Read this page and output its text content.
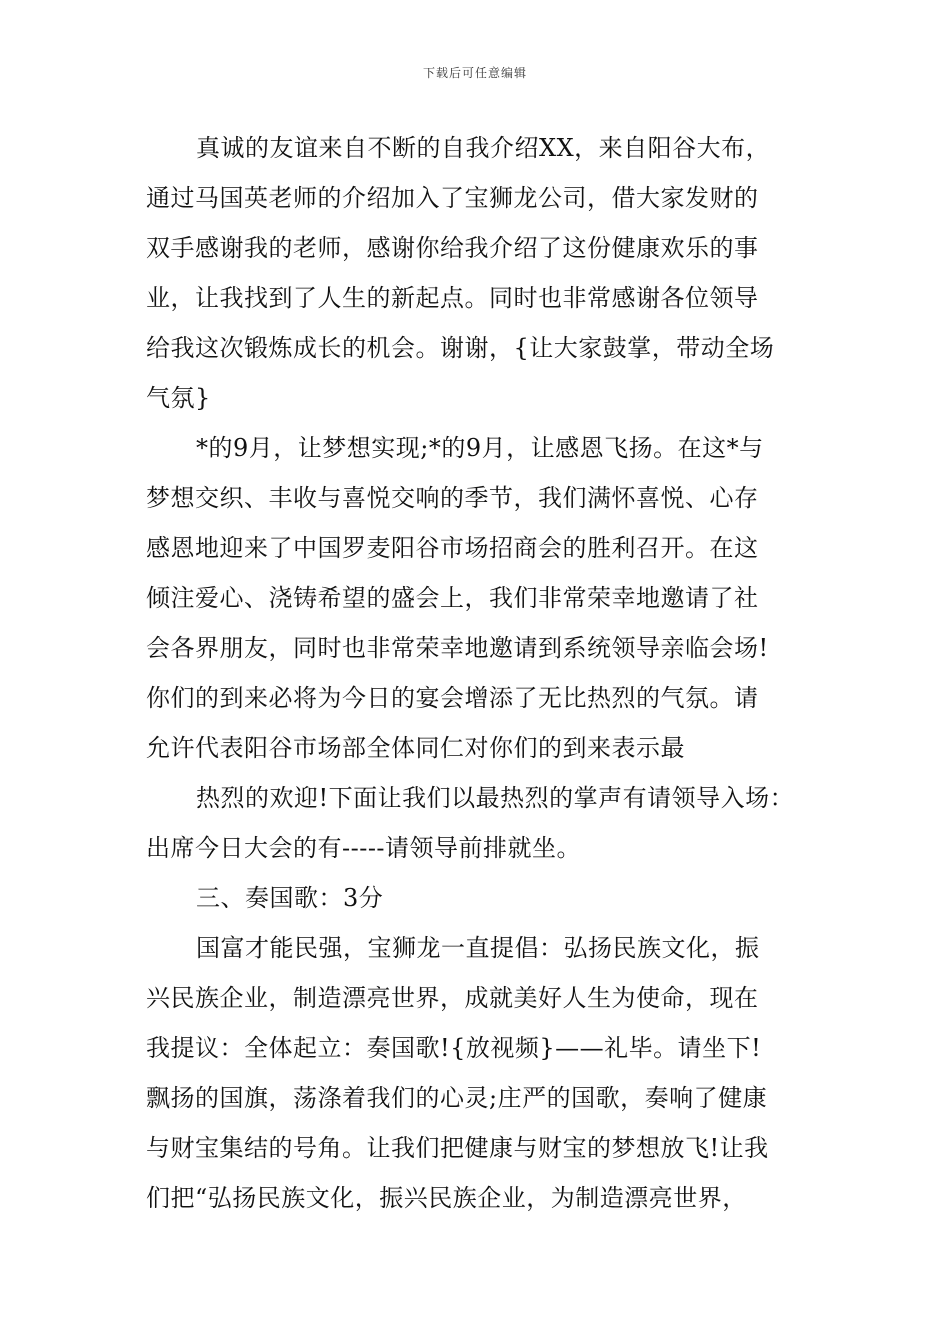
下载后可任意编辑
真诚的友谊来自不断的自我介绍XX，来自阳谷大布，
通过马国英老师的介绍加入了宝狮龙公司，借大家发财的
双手感谢我的老师，感谢你给我介绍了这份健康欢乐的事
业，让我找到了人生的新起点。同时也非常感谢各位领导
给我这次锻炼成长的机会。谢谢，{让大家鼓掌，带动全场
气氛}
*的9月，让梦想实现;*的9月，让感恩飞扬。在这*与
梦想交织、丰收与喜悦交响的季节，我们满怀喜悦、心存
感恩地迎来了中国罗麦阳谷市场招商会的胜利召开。在这
倾注爱心、浇铸希望的盛会上，我们非常荣幸地邀请了社
会各界朋友，同时也非常荣幸地邀请到系统领导亲临会场!
你们的到来必将为今日的宴会增添了无比热烈的气氛。请
允许代表阳谷市场部全体同仁对你们的到来表示最
热烈的欢迎!下面让我们以最热烈的掌声有请领导入场：
出席今日大会的有-----请领导前排就坐。
三、奏国歌：3分
国富才能民强，宝狮龙一直提倡：弘扬民族文化，振
兴民族企业，制造漂亮世界，成就美好人生为使命，现在
我提议：全体起立：奏国歌!{放视频}——礼毕。请坐下!
飘扬的国旗，荡涤着我们的心灵;庄严的国歌，奏响了健康
与财宝集结的号角。让我们把健康与财宝的梦想放飞!让我
们把“弘扬民族文化，振兴民族企业，为制造漂亮世界，
